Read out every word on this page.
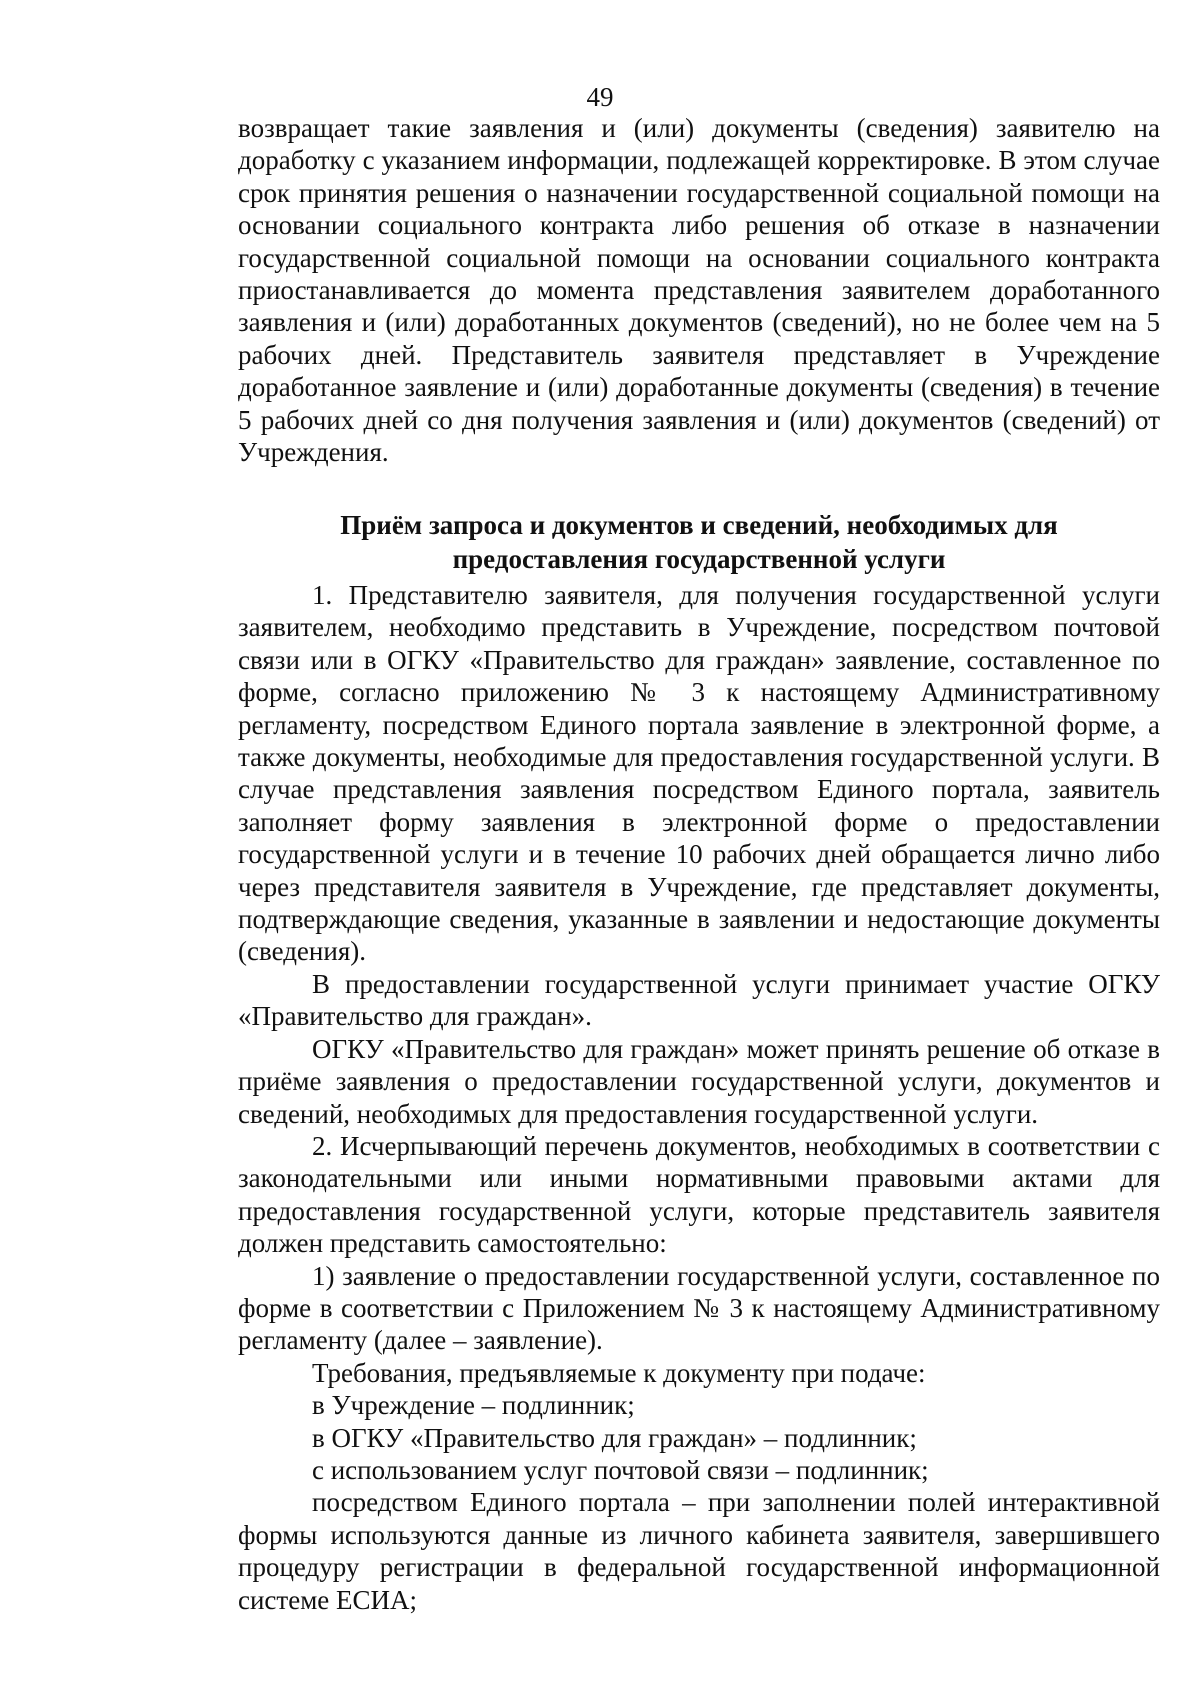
49

возвращает такие заявления и (или) документы (сведения) заявителю на доработку с указанием информации, подлежащей корректировке. В этом случае срок принятия решения о назначении государственной социальной помощи на основании социального контракта либо решения об отказе в назначении государственной социальной помощи на основании социального контракта приостанавливается до момента представления заявителем доработанного заявления и (или) доработанных документов (сведений), но не более чем на 5 рабочих дней. Представитель заявителя представляет в Учреждение доработанное заявление и (или) доработанные документы (сведения) в течение 5 рабочих дней со дня получения заявления и (или) документов (сведений) от Учреждения.

Приём запроса и документов и сведений, необходимых для
предоставления государственной услуги

1. Представителю заявителя, для получения государственной услуги заявителем, необходимо представить в Учреждение, посредством почтовой связи или в ОГКУ «Правительство для граждан» заявление, составленное по форме, согласно приложению № 3 к настоящему Административному регламенту, посредством Единого портала заявление в электронной форме, а также документы, необходимые для предоставления государственной услуги. В случае представления заявления посредством Единого портала, заявитель заполняет форму заявления в электронной форме о предоставлении государственной услуги и в течение 10 рабочих дней обращается лично либо через представителя заявителя в Учреждение, где представляет документы, подтверждающие сведения, указанные в заявлении и недостающие документы (сведения).

В предоставлении государственной услуги принимает участие ОГКУ «Правительство для граждан».

ОГКУ «Правительство для граждан» может принять решение об отказе в приёме заявления о предоставлении государственной услуги, документов и сведений, необходимых для предоставления государственной услуги.

2. Исчерпывающий перечень документов, необходимых в соответствии с законодательными или иными нормативными правовыми актами для предоставления государственной услуги, которые представитель заявителя должен представить самостоятельно:

1) заявление о предоставлении государственной услуги, составленное по форме в соответствии с Приложением № 3 к настоящему Административному регламенту (далее – заявление).

Требования, предъявляемые к документу при подаче:

в Учреждение – подлинник;

в ОГКУ «Правительство для граждан» – подлинник;

с использованием услуг почтовой связи – подлинник;

посредством Единого портала – при заполнении полей интерактивной формы используются данные из личного кабинета заявителя, завершившего процедуру регистрации в федеральной государственной информационной системе ЕСИА;
